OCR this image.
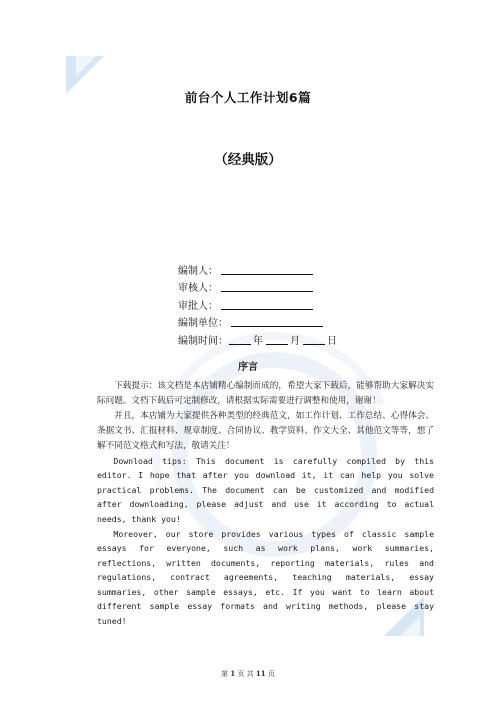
前台个人工作计划6篇
（经典版）
编制人：
审核人：
审批人：
编制单位：
编制时间：	年	月	日
序言

下载提示：该文档是本店铺精心编制而成的，希望大家下载后，能够帮助大家解决实际问题。文档下载后可定制修改，请根据实际需要进行调整和使用，谢谢！

并且，本店铺为大家提供各种类型的经典范文，如工作计划、工作总结、心得体会、条据文书、汇报材料、规章制度、合同协议、教学资料、作文大全、其他范文等等，想了解不同范文格式和写法，敬请关注！

Download tips: This document is carefully compiled by this editor. I hope that after you download it, it can help you solve practical problems. The document can be customized and modified after downloading, please adjust and use it according to actual needs, thank you!

Moreover, our store provides various types of classic sample essays for everyone, such as work plans, work summaries, reflections, written documents, reporting materials, rules and regulations, contract agreements, teaching materials, essay summaries, other sample essays, etc. If you want to learn about different sample essay formats and writing methods, please stay tuned!

第 1 页 共 11 页
